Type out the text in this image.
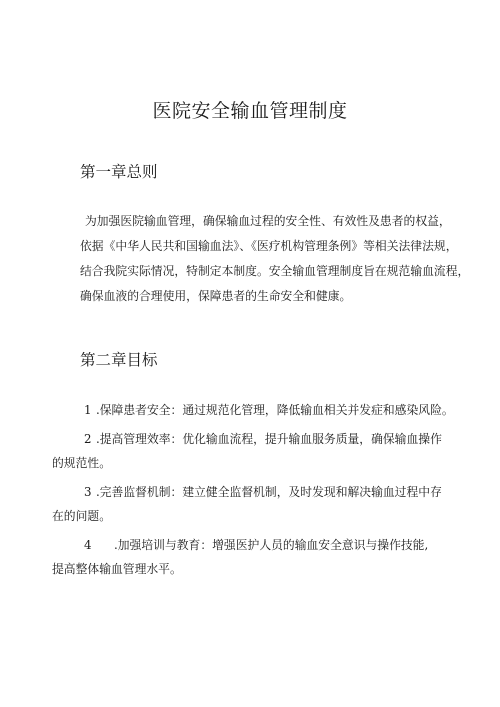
医院安全输血管理制度
第一章总则
为加强医院输血管理，确保输血过程的安全性、有效性及患者的权益，
依据《中华人民共和国输血法》、《医疗机构管理条例》等相关法律法规，
结合我院实际情况，特制定本制度。安全输血管理制度旨在规范输血流程，
确保血液的合理使用，保障患者的生命安全和健康。
第二章目标
1 .保障患者安全：通过规范化管理，降低输血相关并发症和感染风险。
2 .提高管理效率：优化输血流程，提升输血服务质量，确保输血操作
的规范性。
3 .完善监督机制：建立健全监督机制，及时发现和解决输血过程中存
在的问题。
4 .加强培训与教育：增强医护人员的输血安全意识与操作技能,
提高整体输血管理水平。
